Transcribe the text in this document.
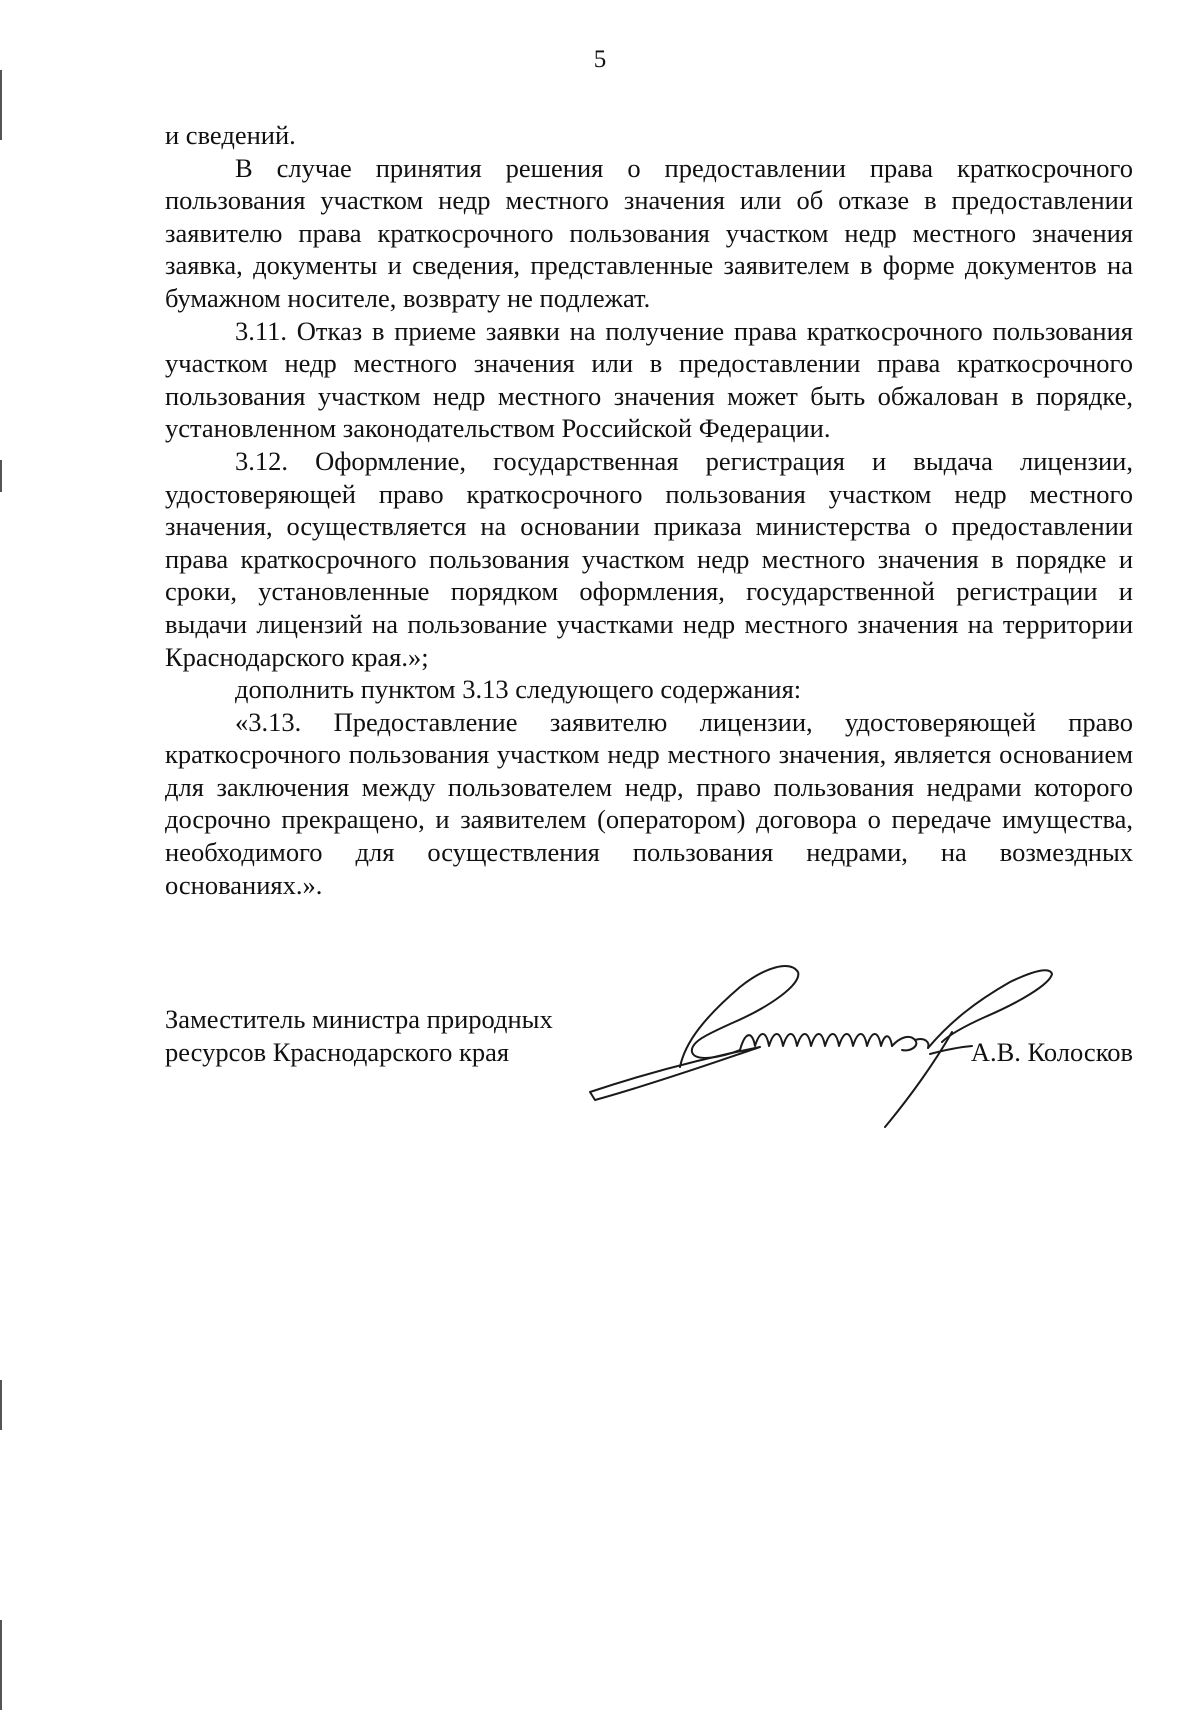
5

и сведений.

В случае принятия решения о предоставлении права краткосрочного пользования участком недр местного значения или об отказе в предоставлении заявителю права краткосрочного пользования участком недр местного значения заявка, документы и сведения, представленные заявителем в форме документов на бумажном носителе, возврату не подлежат.

3.11. Отказ в приеме заявки на получение права краткосрочного пользования участком недр местного значения или в предоставлении права краткосрочного пользования участком недр местного значения может быть обжалован в порядке, установленном законодательством Российской Федерации.

3.12. Оформление, государственная регистрация и выдача лицензии, удостоверяющей право краткосрочного пользования участком недр местного значения, осуществляется на основании приказа министерства о предоставлении права краткосрочного пользования участком недр местного значения в порядке и сроки, установленные порядком оформления, государственной регистрации и выдачи лицензий на пользование участками недр местного значения на территории Краснодарского края.»;

дополнить пунктом 3.13 следующего содержания:

«3.13. Предоставление заявителю лицензии, удостоверяющей право краткосрочного пользования участком недр местного значения, является основанием для заключения между пользователем недр, право пользования недрами которого досрочно прекращено, и заявителем (оператором) договора о передаче имущества, необходимого для осуществления пользования недрами, на возмездных основаниях.».

Заместитель министра природных
ресурсов Краснодарского края	А.В. Колосков
